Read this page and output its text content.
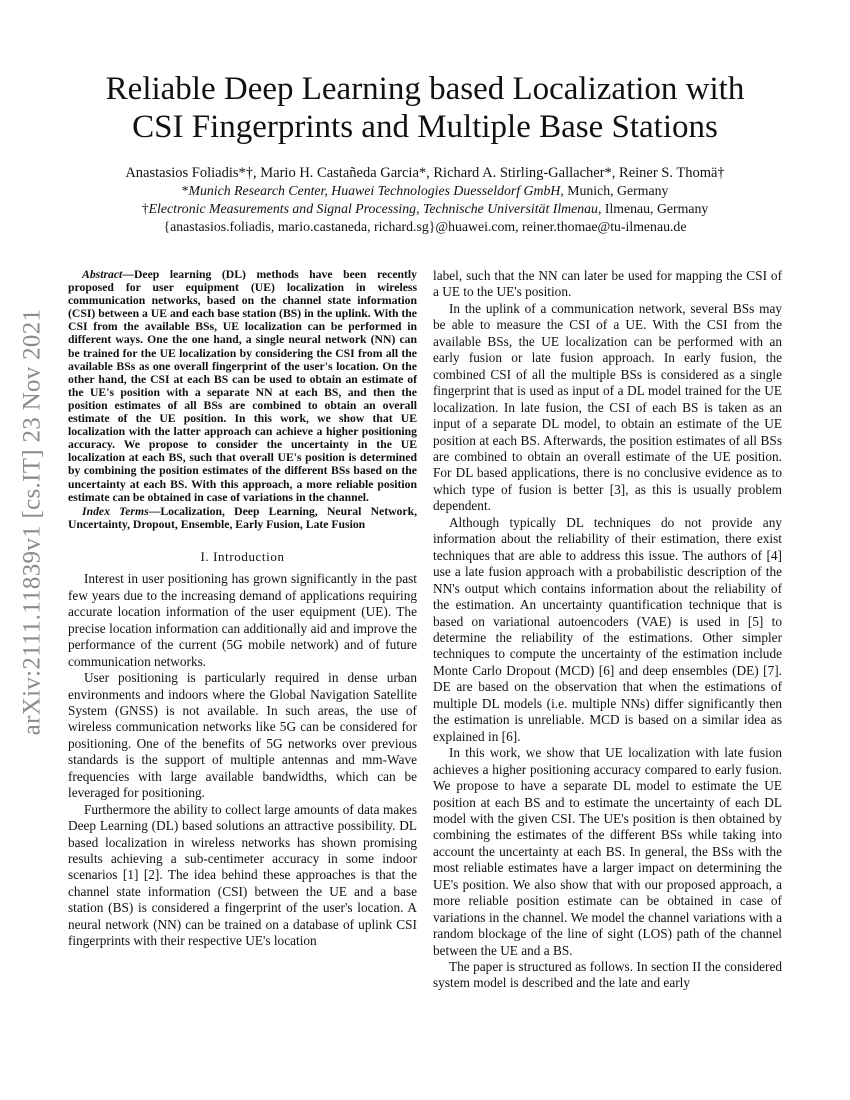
arXiv:2111.11839v1 [cs.IT] 23 Nov 2021
Reliable Deep Learning based Localization with
CSI Fingerprints and Multiple Base Stations
Anastasios Foliadis*†, Mario H. Castañeda Garcia*, Richard A. Stirling-Gallacher*, Reiner S. Thomä†
*Munich Research Center, Huawei Technologies Duesseldorf GmbH, Munich, Germany
†Electronic Measurements and Signal Processing, Technische Universität Ilmenau, Ilmenau, Germany
{anastasios.foliadis, mario.castaneda, richard.sg}@huawei.com, reiner.thomae@tu-ilmenau.de

Abstract—Deep learning (DL) methods have been recently proposed for user equipment (UE) localization in wireless communication networks, based on the channel state information (CSI) between a UE and each base station (BS) in the uplink. With the CSI from the available BSs, UE localization can be performed in different ways. One the one hand, a single neural network (NN) can be trained for the UE localization by considering the CSI from all the available BSs as one overall fingerprint of the user's location. On the other hand, the CSI at each BS can be used to obtain an estimate of the UE's position with a separate NN at each BS, and then the position estimates of all BSs are combined to obtain an overall estimate of the UE position. In this work, we show that UE localization with the latter approach can achieve a higher positioning accuracy. We propose to consider the uncertainty in the UE localization at each BS, such that overall UE's position is determined by combining the position estimates of the different BSs based on the uncertainty at each BS. With this approach, a more reliable position estimate can be obtained in case of variations in the channel.

Index Terms—Localization, Deep Learning, Neural Network, Uncertainty, Dropout, Ensemble, Early Fusion, Late Fusion

I. Introduction

Interest in user positioning has grown significantly in the past few years due to the increasing demand of applications requiring accurate location information of the user equipment (UE). The precise location information can additionally aid and improve the performance of the current (5G mobile network) and of future communication networks.

User positioning is particularly required in dense urban environments and indoors where the Global Navigation Satellite System (GNSS) is not available. In such areas, the use of wireless communication networks like 5G can be considered for positioning. One of the benefits of 5G networks over previous standards is the support of multiple antennas and mm-Wave frequencies with large available bandwidths, which can be leveraged for positioning.

Furthermore the ability to collect large amounts of data makes Deep Learning (DL) based solutions an attractive possibility. DL based localization in wireless networks has shown promising results achieving a sub-centimeter accuracy in some indoor scenarios [1] [2]. The idea behind these approaches is that the channel state information (CSI) between the UE and a base station (BS) is considered a fingerprint of the user's location. A neural network (NN) can be trained on a database of uplink CSI fingerprints with their respective UE's location

label, such that the NN can later be used for mapping the CSI of a UE to the UE's position.

In the uplink of a communication network, several BSs may be able to measure the CSI of a UE. With the CSI from the available BSs, the UE localization can be performed with an early fusion or late fusion approach. In early fusion, the combined CSI of all the multiple BSs is considered as a single fingerprint that is used as input of a DL model trained for the UE localization. In late fusion, the CSI of each BS is taken as an input of a separate DL model, to obtain an estimate of the UE position at each BS. Afterwards, the position estimates of all BSs are combined to obtain an overall estimate of the UE position. For DL based applications, there is no conclusive evidence as to which type of fusion is better [3], as this is usually problem dependent.

Although typically DL techniques do not provide any information about the reliability of their estimation, there exist techniques that are able to address this issue. The authors of [4] use a late fusion approach with a probabilistic description of the NN's output which contains information about the reliability of the estimation. An uncertainty quantification technique that is based on variational autoencoders (VAE) is used in [5] to determine the reliability of the estimations. Other simpler techniques to compute the uncertainty of the estimation include Monte Carlo Dropout (MCD) [6] and deep ensembles (DE) [7]. DE are based on the observation that when the estimations of multiple DL models (i.e. multiple NNs) differ significantly then the estimation is unreliable. MCD is based on a similar idea as explained in [6].

In this work, we show that UE localization with late fusion achieves a higher positioning accuracy compared to early fusion. We propose to have a separate DL model to estimate the UE position at each BS and to estimate the uncertainty of each DL model with the given CSI. The UE's position is then obtained by combining the estimates of the different BSs while taking into account the uncertainty at each BS. In general, the BSs with the most reliable estimates have a larger impact on determining the UE's position. We also show that with our proposed approach, a more reliable position estimate can be obtained in case of variations in the channel. We model the channel variations with a random blockage of the line of sight (LOS) path of the channel between the UE and a BS.

The paper is structured as follows. In section II the considered system model is described and the late and early
